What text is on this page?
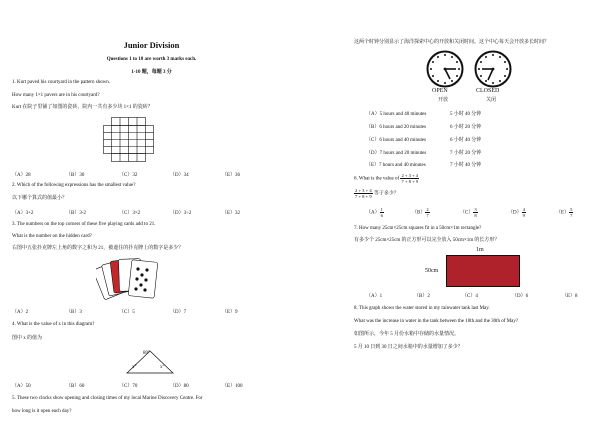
Junior Division
Questions 1 to 10 are worth 3 marks each.
1-10 题，每题 3 分
1. Kurt paved his courtyard in the pattern shown.
How many 1×1 pavers are in his courtyard?
Kurt 在院子里铺了如图的瓷砖，院内一共有多少块 1×1 的瓷砖？
（A）28	（B）30	（C）32	（D）34	（E）36
2. Which of the following expressions has the smallest value?
以下哪个算式的值最小？
（A）3+2	（B）3-2	（C）3×2	（D）3÷2	（E）32
3. The numbers on the top corners of these five playing cards add to 21.
What is the number on the hidden card?
右图中五张扑克牌左上角的数字之和为 21，被遮住的扑克牌上的数字是多少？
（A）2	（B）3	（C）5	（D）7	（E）9
4. What is the value of x in this diagram?
图中 x 的值为
80°
x°	x°
（A）50	（B）60	（C）70	（D）80	（E）100
5. These two clocks show opening and closing times of my local Marine Discovery Centre. For
how long is it open each day?
这两个时钟分别显示了海洋探索中心的开放和关闭时间。这个中心每天会开放多长时间？
OPEN
开放
CLOSED
关闭
（A）5 hours and 40 minutes	5 小时 40 分钟
（B）6 hours and 20 minutes	6 小时 20 分钟
（C）6 hours and 40 minutes	6 小时 40 分钟
（D）7 hours and 20 minutes	7 小时 20 分钟
（E）7 hours and 40 minutes	7 小时 40 分钟
6. What is the value of $\frac{2 + 3 + 4}{7 + 8 + 9}$
$\frac{2 + 3 + 4}{7 + 8 + 9}$ 等于多少？
$(A) \frac{1}{6}$	$(B) \frac{2}{7}$	$(C) \frac{3}{8}$	$(D) \frac{4}{9}$	$(E) \frac{5}{7}$
7. How many 25cm×25cm squares fit in a 50cm×1m rectangle?
有多少个 25cm×25cm 的正方形可以完全放入 50cm×1m 的长方形？
1m
50cm
（A）1	（B）2	（C）4	（D）6	（E）8
8. This graph shows the water stored in my rainwater tank last May.
What was the increase in water in the tank between the 10th and the 30th of May?
如图所示，今年 5 月份水箱中存储的水量情况。
5 月 10 日到 30 日之间水箱中的水量增加了多少？
